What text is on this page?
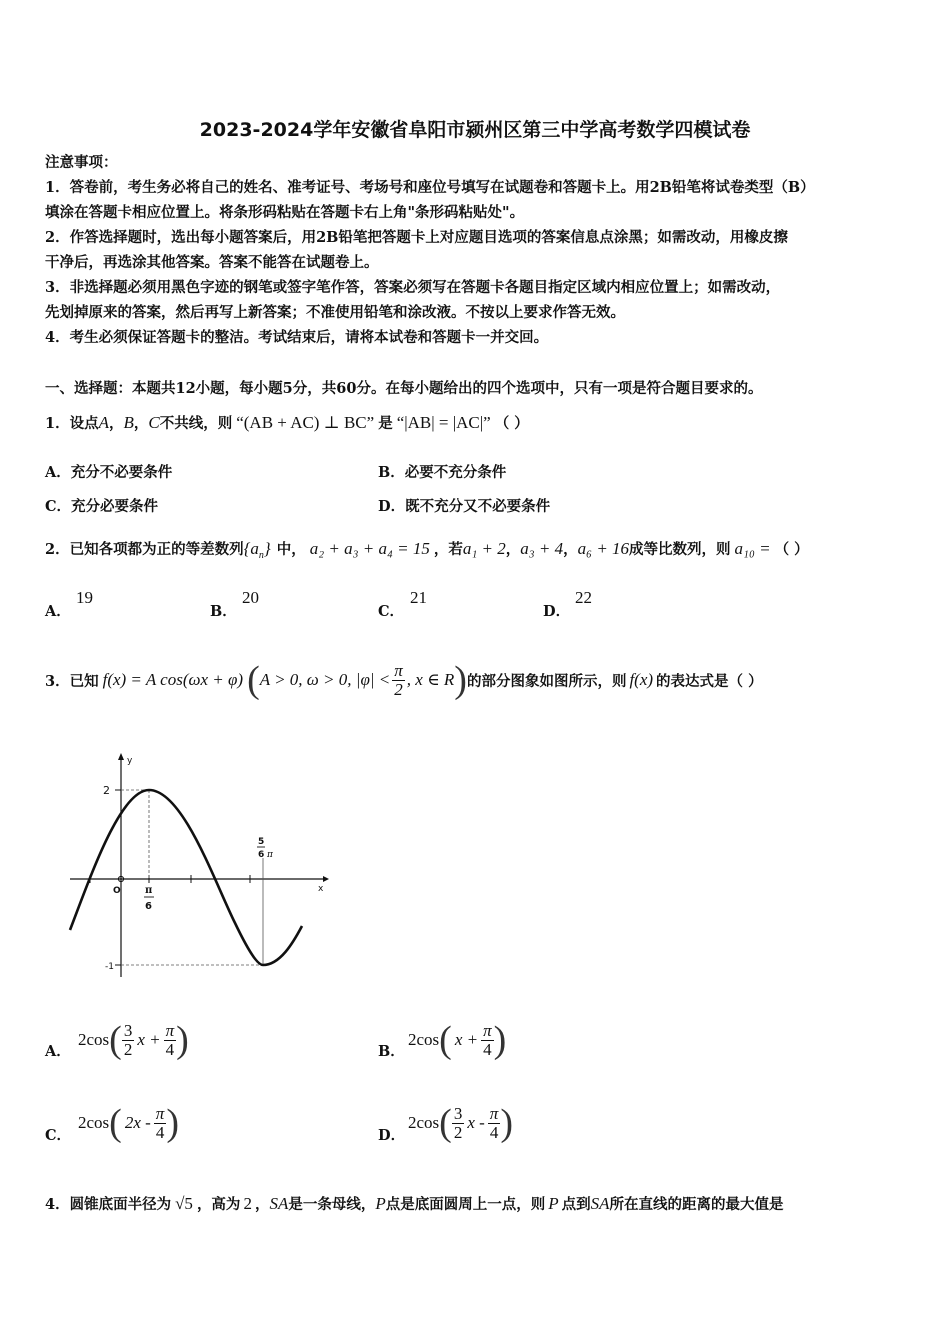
2023-2024学年安徽省阜阳市颍州区第三中学高考数学四模试卷
注意事项：
1．答卷前，考生务必将自己的姓名、准考证号、考场号和座位号填写在试题卷和答题卡上。用2B铅笔将试卷类型（B）
填涂在答题卡相应位置上。将条形码粘贴在答题卡右上角"条形码粘贴处"。
2．作答选择题时，选出每小题答案后，用2B铅笔把答题卡上对应题目选项的答案信息点涂黑；如需改动，用橡皮擦
干净后，再选涂其他答案。答案不能答在试题卷上。
3．非选择题必须用黑色字迹的钢笔或签字笔作答，答案必须写在答题卡各题目指定区域内相应位置上；如需改动，
先划掉原来的答案，然后再写上新答案；不准使用铅笔和涂改液。不按以上要求作答无效。
4．考生必须保证答题卡的整洁。考试结束后，请将本试卷和答题卡一并交回。
一、选择题：本题共12小题，每小题5分，共60分。在每小题给出的四个选项中，只有一项是符合题目要求的。
1．设点A，B，C不共线，则 “(AB + AC) ⊥ BC” 是 “|AB| = |AC|” （ ）
A．充分不必要条件	B．必要不充分条件
C．充分必要条件	D．既不充分又不必要条件
2．已知各项都为正的等差数列$\{a_n\}$ 中， a₂ + a₃ + a₄ = 15 ，若a₁ + 2，a₃ + 4，a₆ + 16成等比数列，则 a₁₀ = （ ）
A．
19
B．
20
C．
21
D．
22
3．已知 f(x) = A cos(ωx + φ) ( A > 0, ω > 0, $|\varphi| < \frac{\pi}{2}$ , x ∈ R ) 的部分图象如图所示，则 f(x) 的表达式是（ ）
y
x
2
O
-1
π
6
5
6 π
A．
2cos ( $\frac{3}{2}$ $x + \frac{\pi}{4}$ )	B．
2cos ( $x + \frac{\pi}{4}$ )
C．
2cos ( $2x - \frac{\pi}{4}$ )	D．
2cos ( $\frac{3}{2}$ x - $\frac{\pi}{4}$ )
4．圆锥底面半径为 √5 ，高为 2 ，SA是一条母线，P点是底面圆周上一点，则 P 点到SA所在直线的距离的最大值是
